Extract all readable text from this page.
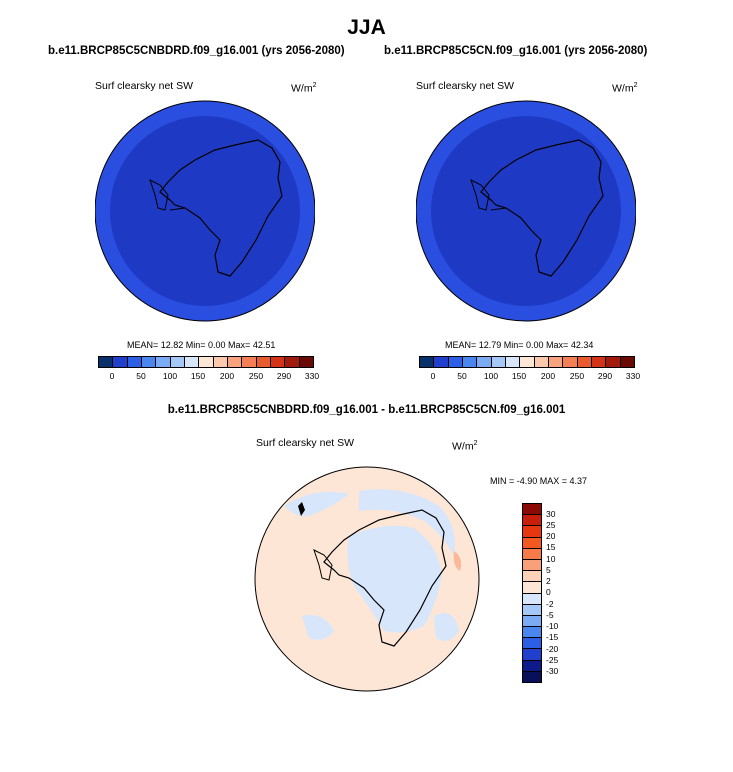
JJA
b.e11.BRCP85C5CNBDRD.f09_g16.001 (yrs 2056-2080)
Surf clearsky net SW	$W/m^2$
MEAN= 12.82 Min= 0.00 Max= 42.51
0	50 100 150 200 250 290 330
b.e11.BRCP85C5CN.f09_g16.001 (yrs 2056-2080)
Surf clearsky net SW	$W/m^2$
MEAN= 12.79 Min= 0.00 Max= 42.34
0	50 100 150 200 250 290 330
b.e11.BRCP85C5CNBDRD.f09_g16.001 - b.e11.BRCP85C5CN.f09_g16.001
Surf clearsky net SW	$W/m^2$
MIN = -4.90 MAX = 4.37
30
25
20
15
10
5
2
0
-2
-5
-10
-15
-20
-25
-30
